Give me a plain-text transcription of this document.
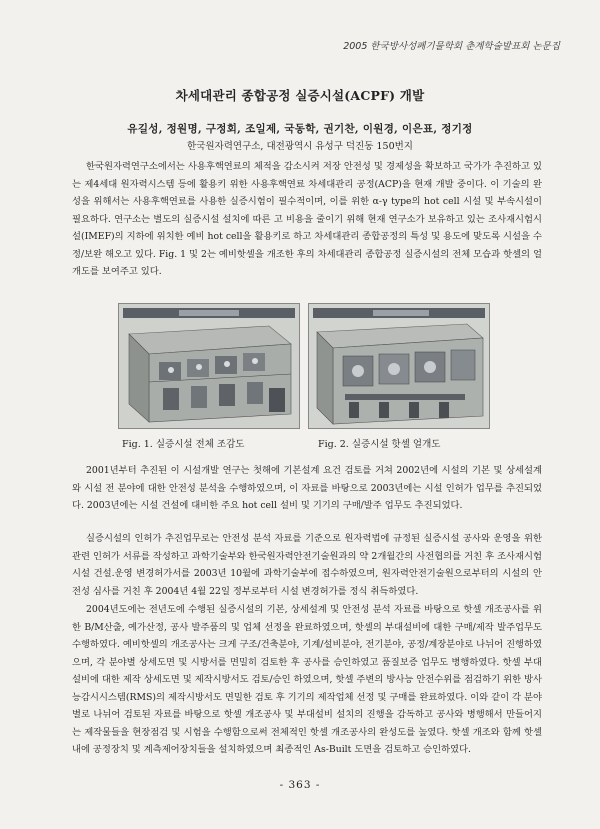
2005 한국방사성폐기물학회 춘계학술발표회 논문집
차세대관리 종합공정 실증시설(ACPF) 개발
유길성, 정원명, 구정회, 조일제, 국동학, 권기찬, 이원경, 이은표, 정기정
한국원자력연구소, 대전광역시 유성구 덕진동 150번지

한국원자력연구소에서는 사용후핵연료의 체적을 감소시켜 저장 안전성 및 경제성을 확보하고 국가가 추진하고 있는 제4세대 원자력시스템 등에 활용키 위한 사용후핵연료 차세대관리 공정(ACP)을 현재 개발 중이다. 이 기술의 완성을 위해서는 사용후핵연료를 사용한 실증시험이 필수적이며, 이를 위한 α-γ type의 hot cell 시설 및 부속시설이 필요하다. 연구소는 별도의 실증시설 설치에 따른 고 비용을 줄이기 위해 현재 연구소가 보유하고 있는 조사재시험시설(IMEF)의 지하에 위치한 예비 hot cell을 활용키로 하고 차세대관리 종합공정의 특성 및 용도에 맞도록 시설을 수정/보완 해오고 있다. Fig. 1 및 2는 예비핫셀을 개조한 후의 차세대관리 종합공정 실증시설의 전체 모습과 핫셀의 얼개도를 보여주고 있다.

Fig. 1. 실증시설 전체 조감도	Fig. 2. 실증시설 핫셀 얼개도

2001년부터 추진된 이 시설개발 연구는 첫해에 기본설계 요건 검토를 거쳐 2002년에 시설의 기본 및 상세설계와 시설 전 분야에 대한 안전성 분석을 수행하였으며, 이 자료를 바탕으로 2003년에는 시설 인허가 업무를 추진되었다. 2003년에는 시설 건설에 대비한 주요 hot cell 설비 및 기기의 구매/발주 업무도 추진되었다.

실증시설의 인허가 추진업무로는 안전성 분석 자료를 기준으로 원자력법에 규정된 실증시설 공사와 운영을 위한 관련 인허가 서류를 작성하고 과학기술부와 한국원자력안전기술원과의 약 2개월간의 사전협의를 거친 후 조사재시험시설 건설.운영 변경허가서를 2003년 10월에 과학기술부에 접수하였으며, 원자력안전기술원으로부터의 시설의 안전성 심사를 거친 후 2004년 4월 22일 정부로부터 시설 변경허가를 정식 취득하였다.

2004년도에는 전년도에 수행된 실증시설의 기본, 상세설계 및 안전성 분석 자료를 바탕으로 핫셀 개조공사를 위한 B/M산출, 예가산정, 공사 발주품의 및 업체 선정을 완료하였으며, 핫셀의 부대설비에 대한 구매/제작 발주업무도 수행하였다. 예비핫셀의 개조공사는 크게 구조/건축분야, 기계/설비분야, 전기분야, 공정/계장분야로 나뉘어 진행하였으며, 각 분야별 상세도면 및 시방서를 면밀히 검토한 후 공사를 승인하였고 품질보증 업무도 병행하였다. 핫셀 부대설비에 대한 제작 상세도면 및 제작시방서도 검토/승인 하였으며, 핫셀 주변의 방사능 안전수위를 점검하기 위한 방사능감시시스템(RMS)의 제작시방서도 면밀한 검토 후 기기의 제작업체 선정 및 구매를 완료하였다. 이와 같이 각 분야별로 나뉘어 검토된 자료를 바탕으로 핫셀 개조공사 및 부대설비 설치의 진행을 감독하고 공사와 병행해서 만들어지는 제작물들을 현장점검 및 시험을 수행함으로써 전체적인 핫셀 개조공사의 완성도를 높였다. 핫셀 개조와 함께 핫셀 내에 공정장치 및 계측제어장치들을 설치하였으며 최종적인 As-Built 도면을 검토하고 승인하였다.

- 363 -
